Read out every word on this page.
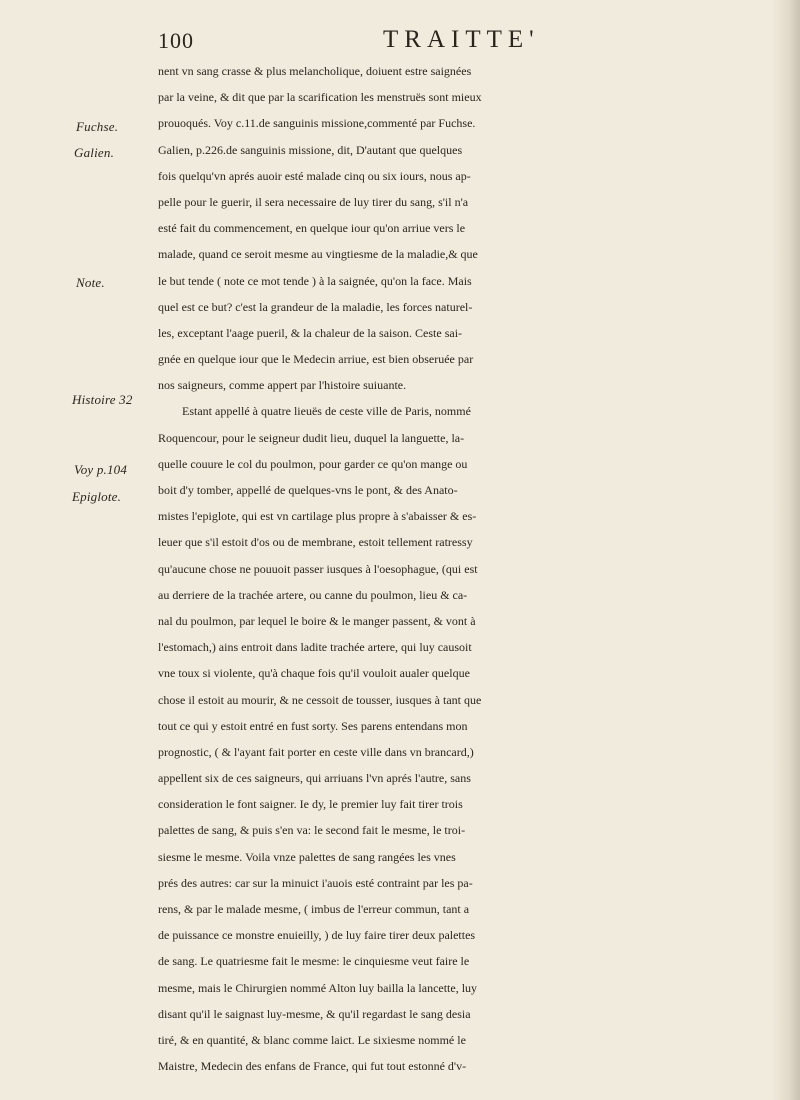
100	TRAITTE'
Fuchse.
Galien.
Note.
Histoire 32
Voy p.104
Epiglote.
nent vn sang crasse & plus melancholique, doiuent estre saignées
par la veine, & dit que par la scarification les menstruës sont mieux
prouoqués. Voy c.11.de sanguinis missione,commenté par Fuchse.
Galien, p.226.de sanguinis missione, dit, D'autant que quelques
fois quelqu'vn aprés auoir esté malade cinq ou six iours, nous ap-
pelle pour le guerir, il sera necessaire de luy tirer du sang, s'il n'a
esté fait du commencement, en quelque iour qu'on arriue vers le
malade, quand ce seroit mesme au vingtiesme de la maladie,& que
le but tende ( note ce mot tende ) à la saignée, qu'on la face. Mais
quel est ce but? c'est la grandeur de la maladie, les forces naturel-
les, exceptant l'aage pueril, & la chaleur de la saison. Ceste sai-
gnée en quelque iour que le Medecin arriue, est bien obseruée par
nos saigneurs, comme appert par l'histoire suiuante.
Estant appellé à quatre lieuës de ceste ville de Paris, nommé
Roquencour, pour le seigneur dudit lieu, duquel la languette, la-
quelle couure le col du poulmon, pour garder ce qu'on mange ou
boit d'y tomber, appellé de quelques-vns le pont, & des Anato-
mistes l'epiglote, qui est vn cartilage plus propre à s'abaisser & es-
leuer que s'il estoit d'os ou de membrane, estoit tellement ratressy
qu'aucune chose ne pouuoit passer iusques à l'oesophague, (qui est
au derriere de la trachée artere, ou canne du poulmon, lieu & ca-
nal du poulmon, par lequel le boire & le manger passent, & vont à
l'estomach,) ains entroit dans ladite trachée artere, qui luy causoit
vne toux si violente, qu'à chaque fois qu'il vouloit aualer quelque
chose il estoit au mourir, & ne cessoit de tousser, iusques à tant que
tout ce qui y estoit entré en fust sorty. Ses parens entendans mon
prognostic, ( & l'ayant fait porter en ceste ville dans vn brancard,)
appellent six de ces saigneurs, qui arriuans l'vn aprés l'autre, sans
consideration le font saigner. Ie dy, le premier luy fait tirer trois
palettes de sang, & puis s'en va: le second fait le mesme, le troi-
siesme le mesme. Voila vnze palettes de sang rangées les vnes
prés des autres: car sur la minuict i'auois esté contraint par les pa-
rens, & par le malade mesme, ( imbus de l'erreur commun, tant a
de puissance ce monstre enuieilly, ) de luy faire tirer deux palettes
de sang. Le quatriesme fait le mesme: le cinquiesme veut faire le
mesme, mais le Chirurgien nommé Alton luy bailla la lancette, luy
disant qu'il le saignast luy-mesme, & qu'il regardast le sang desia
tiré, & en quantité, & blanc comme laict. Le sixiesme nommé le
Maistre, Medecin des enfans de France, qui fut tout estonné d'v-
